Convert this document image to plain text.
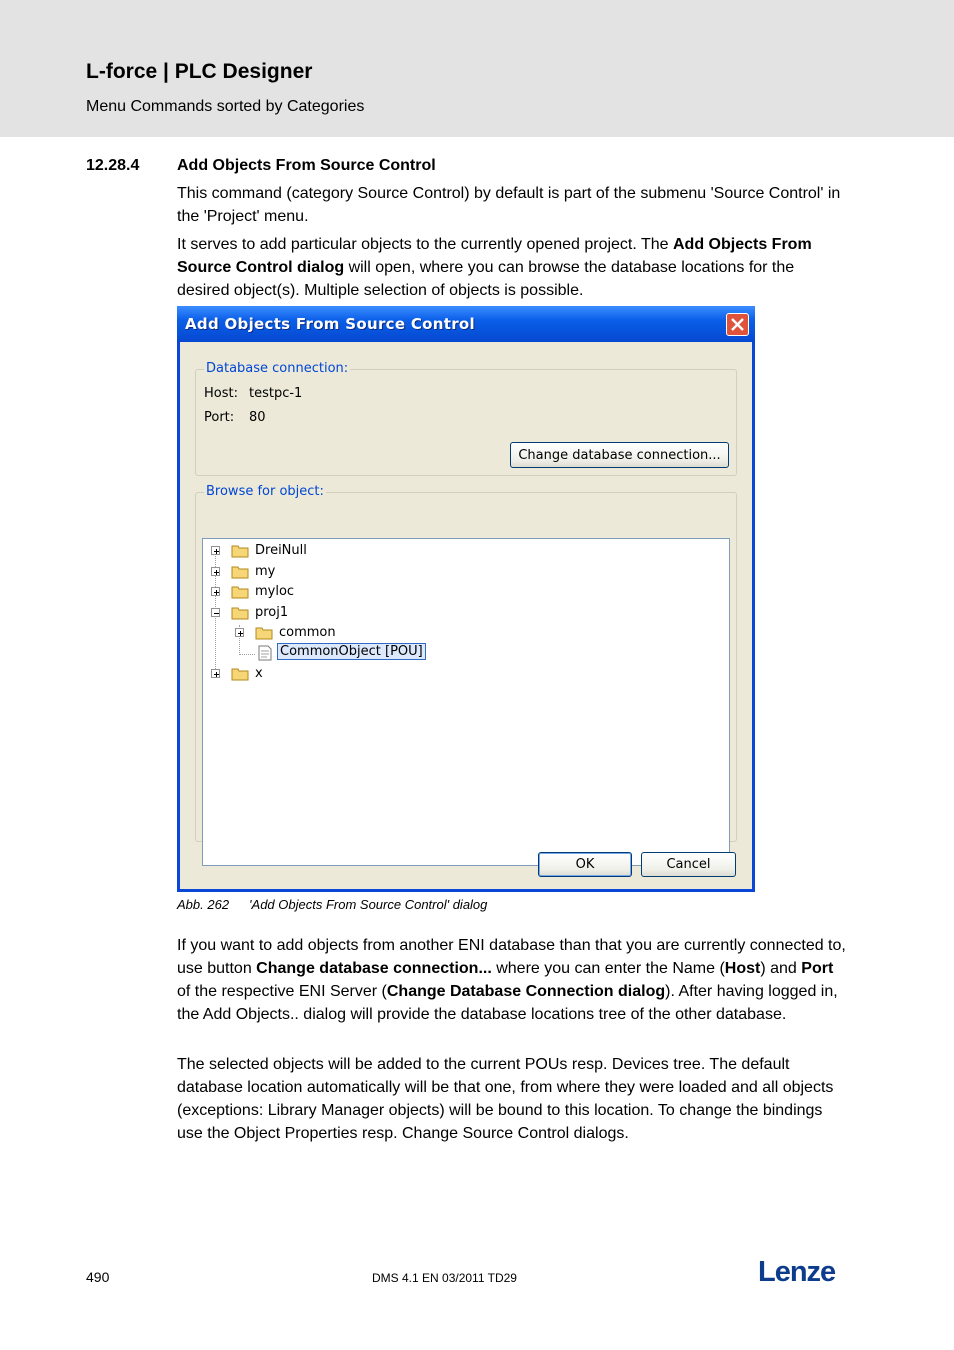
L-force | PLC Designer
Menu Commands sorted by Categories
12.28.4 Add Objects From Source Control
This command (category Source Control) by default is part of the submenu 'Source Control' in the 'Project' menu.
It serves to add particular objects to the currently opened project. The Add Objects From Source Control dialog will open, where you can browse the database locations for the desired object(s). Multiple selection of objects is possible.
Add Objects From Source Control
Database connection:
Host: testpc-1
Port: 80
Change database connection...
Browse for object:
DreiNull
my
myloc
proj1
common
CommonObject [POU]
x
OK	Cancel
Abb. 262 'Add Objects From Source Control' dialog
If you want to add objects from another ENI database than that you are currently connected to, use button Change database connection... where you can enter the Name (Host) and Port of the respective ENI Server (Change Database Connection dialog). After having logged in, the Add Objects.. dialog will provide the database locations tree of the other database.
The selected objects will be added to the current POUs resp. Devices tree. The default database location automatically will be that one, from where they were loaded and all objects (exceptions: Library Manager objects) will be bound to this location. To change the bindings use the Object Properties resp. Change Source Control dialogs.
490	DMS 4.1 EN 03/2011 TD29	Lenze
